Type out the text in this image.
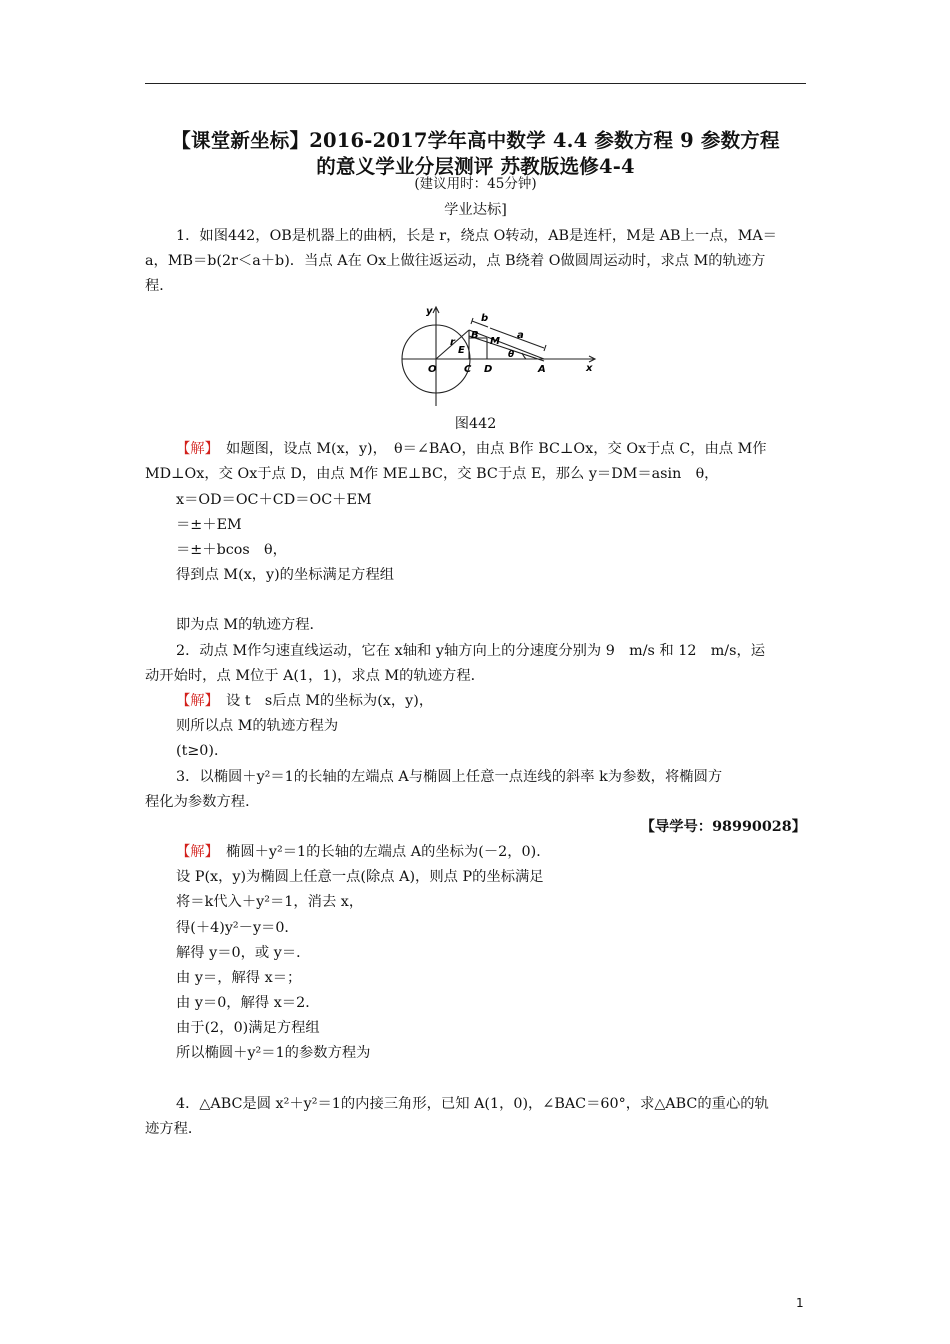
【课堂新坐标】2016-2017学年高中数学 4.4 参数方程 9 参数方程
的意义学业分层测评 苏教版选修4-4
(建议用时：45分钟)
学业达标]
1．如图442，OB是机器上的曲柄，长是 r，绕点 O转动，AB是连杆，M是 AB上一点，MA＝
a，MB＝b(2r＜a＋b)．当点 A在 Ox上做往返运动，点 B绕着 O做圆周运动时，求点 M的轨迹方
程．
y
x
O	C D	A
B
M
E
r
b
a
θ
图442
【解】　如题图，设点 M(x，y)，　θ＝∠BAO，由点 B作 BC⊥Ox，交 Ox于点 C，由点 M作
MD⊥Ox，交 Ox于点 D，由点 M作 ME⊥BC，交 BC于点 E，那么 y＝DM＝asin　θ，
x＝OD＝OC＋CD＝OC＋EM
＝±＋EM
＝±＋bcos　θ，
得到点 M(x，y)的坐标满足方程组
即为点 M的轨迹方程．
2．动点 M作匀速直线运动，它在 x轴和 y轴方向上的分速度分别为 9　m/s 和 12　m/s，运
动开始时，点 M位于 A(1，1)，求点 M的轨迹方程．
【解】　设 t　s后点 M的坐标为(x，y)，
则所以点 M的轨迹方程为
(t≥0)．
3．以椭圆＋y²＝1的长轴的左端点 A与椭圆上任意一点连线的斜率 k为参数，将椭圆方
程化为参数方程．
【导学号：98990028】
【解】　椭圆＋y²＝1的长轴的左端点 A的坐标为(－2，0)．
设 P(x，y)为椭圆上任意一点(除点 A)，则点 P的坐标满足
将＝k代入＋y²＝1，消去 x，
得(＋4)y²－y＝0．
解得 y＝0，或 y＝．
由 y＝，解得 x＝；
由 y＝0，解得 x＝2．
由于(2，0)满足方程组
所以椭圆＋y²＝1的参数方程为
4．△ABC是圆 x²＋y²＝1的内接三角形，已知 A(1，0)，∠BAC＝60°，求△ABC的重心的轨
迹方程．
1
